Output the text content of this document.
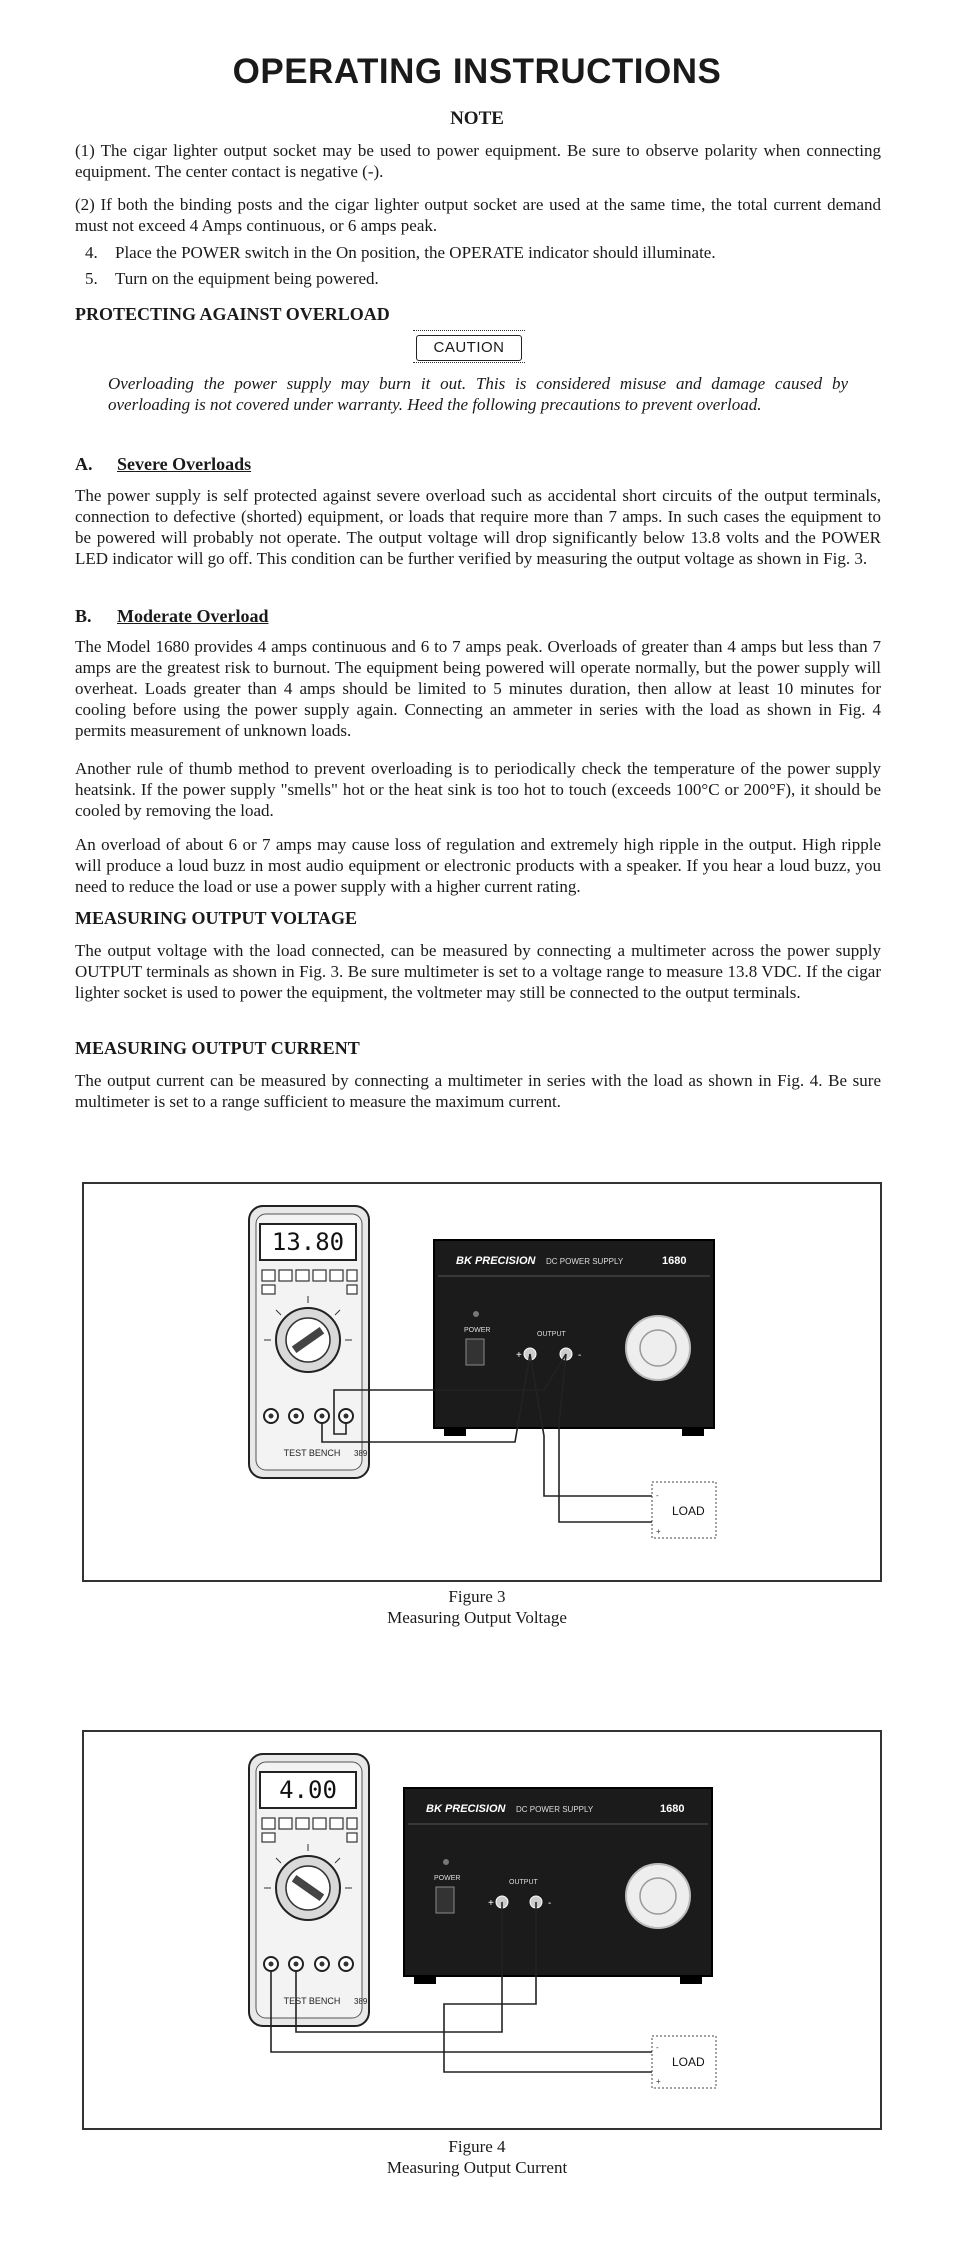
OPERATING INSTRUCTIONS
NOTE

(1) The cigar lighter output socket may be used to power equipment. Be sure to observe polarity when connecting equipment. The center contact is negative (-).

(2) If both the binding posts and the cigar lighter output socket are used at the same time, the total current demand must not exceed 4 Amps continuous, or 6 amps peak.

4. Place the POWER switch in the On position, the OPERATE indicator should illuminate.

5. Turn on the equipment being powered.

PROTECTING AGAINST OVERLOAD
CAUTION

Overloading the power supply may burn it out. This is considered misuse and damage caused by overloading is not covered under warranty. Heed the following precautions to prevent overload.

A. Severe Overloads

The power supply is self protected against severe overload such as accidental short circuits of the output terminals, connection to defective (shorted) equipment, or loads that require more than 7 amps. In such cases the equipment to be powered will probably not operate. The output voltage will drop significantly below 13.8 volts and the POWER LED indicator will go off. This condition can be further verified by measuring the output voltage as shown in Fig. 3.

B. Moderate Overload

The Model 1680 provides 4 amps continuous and 6 to 7 amps peak. Overloads of greater than 4 amps but less than 7 amps are the greatest risk to burnout. The equipment being powered will operate normally, but the power supply will overheat. Loads greater than 4 amps should be limited to 5 minutes duration, then allow at least 10 minutes for cooling before using the power supply again. Connecting an ammeter in series with the load as shown in Fig. 4 permits measurement of unknown loads.

Another rule of thumb method to prevent overloading is to periodically check the temperature of the power supply heatsink. If the power supply "smells" hot or the heat sink is too hot to touch (exceeds 100°C or 200°F), it should be cooled by removing the load.

An overload of about 6 or 7 amps may cause loss of regulation and extremely high ripple in the output. High ripple will produce a loud buzz in most audio equipment or electronic products with a speaker. If you hear a loud buzz, you need to reduce the load or use a power supply with a higher current rating.

MEASURING OUTPUT VOLTAGE

The output voltage with the load connected, can be measured by connecting a multimeter across the power supply OUTPUT terminals as shown in Fig. 3. Be sure multimeter is set to a voltage range to measure 13.8 VDC. If the cigar lighter socket is used to power the equipment, the voltmeter may still be connected to the output terminals.

MEASURING OUTPUT CURRENT

The output current can be measured by connecting a multimeter in series with the load as shown in Fig. 4. Be sure multimeter is set to a range sufficient to measure the maximum current.

13.80
TEST BENCH 389
BK PRECISION DC POWER SUPPLY	1680
POWER
OUTPUT
+	-
LOAD
-
+

Figure 3

Measuring Output Voltage

4.00
TEST BENCH 389
BK PRECISION DC POWER SUPPLY	1680
POWER
OUTPUT
+	-
LOAD
-
+

Figure 4

Measuring Output Current
